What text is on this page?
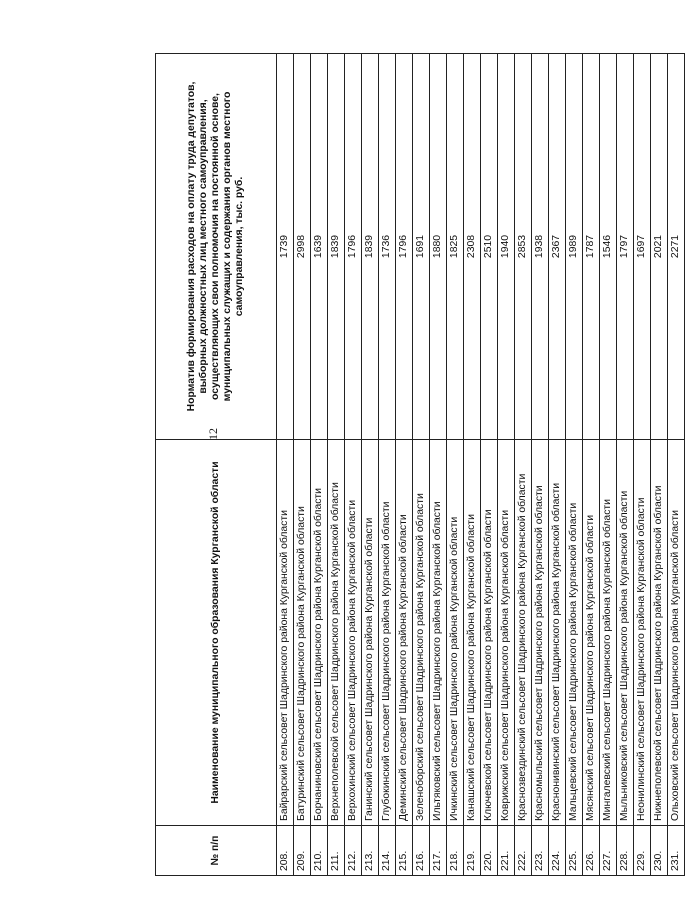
12
№ п/п	Наименование муниципального образования Курганской области	Норматив формирования расходов на оплату труда депутатов, выборных должностных лиц местного самоуправления, осуществляющих свои полномочия на постоянной основе, муниципальных служащих и содержания органов местного самоуправления, тыс. руб.
208.	Байрарский сельсовет Шадринского района Курганской области	1739
209.	Батуринский сельсовет Шадринского района Курганской области	2998
210.	Борчаниновский сельсовет Шадринского района Курганской области	1639
211.	Верхнеполевской сельсовет Шадринского района Курганской области	1839
212.	Верхохинский сельсовет Шадринского района Курганской области	1796
213.	Ганинский сельсовет Шадринского района Курганской области	1839
214.	Глубокинский сельсовет Шадринского района Курганской области	1736
215.	Деминский сельсовет Шадринского района Курганской области	1796
216.	Зеленоборский сельсовет Шадринского района Курганской области	1691
217.	Ильтяковский сельсовет Шадринского района Курганской области	1880
218.	Ичкинский сельсовет Шадринского района Курганской области	1825
219.	Канашский сельсовет Шадринского района Курганской области	2308
220.	Ключевской сельсовет Шадринского района Курганской области	2510
221.	Коврижский сельсовет Шадринского района Курганской области	1940
222.	Краснозвездинский сельсовет Шадринского района Курганской области	2853
223.	Красномыльский сельсовет Шадринского района Курганской области	1938
224.	Краснонивинский сельсовет Шадринского района Курганской области	2367
225.	Мальцевский сельсовет Шадринского района Курганской области	1989
226.	Мясянский сельсовет Шадринского района Курганской области	1787
227.	Мингалевский сельсовет Шадринского района Курганской области	1546
228.	Мыльниковский сельсовет Шадринского района Курганской области	1797
229.	Неонилинский сельсовет Шадринского района Курганской области	1697
230.	Нижнеполевской сельсовет Шадринского района Курганской области	2021
231.	Ольховский сельсовет Шадринского района Курганской области	2271
